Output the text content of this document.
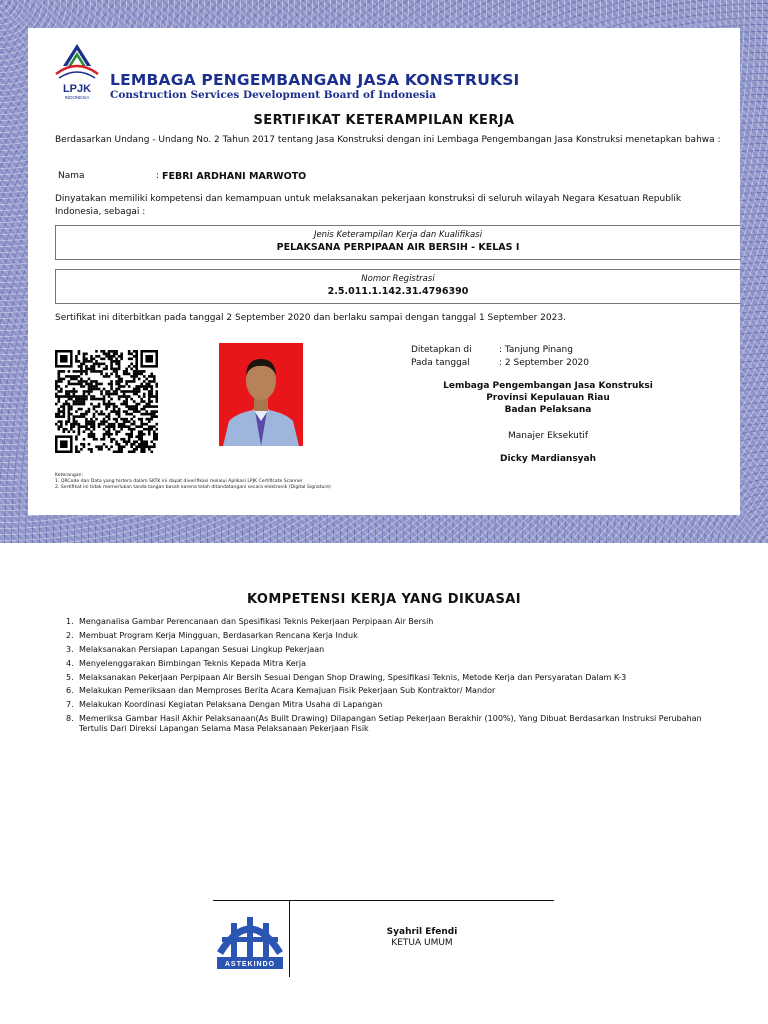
LPJK
INDONESIA
LEMBAGA PENGEMBANGAN JASA KONSTRUKSI
Construction Services Development Board of Indonesia
SERTIFIKAT KETERAMPILAN KERJA
Berdasarkan Undang - Undang No. 2 Tahun 2017 tentang Jasa Konstruksi dengan ini Lembaga Pengembangan Jasa Konstruksi menetapkan bahwa :
Nama	: FEBRI ARDHANI MARWOTO
Dinyatakan memiliki kompetensi dan kemampuan untuk melaksanakan pekerjaan konstruksi di seluruh wilayah Negara Kesatuan Republik Indonesia, sebagai :
Jenis Keterampilan Kerja dan Kualifikasi
PELAKSANA PERPIPAAN AIR BERSIH - KELAS I
Nomor Registrasi
2.5.011.1.142.31.4796390
Sertifikat ini diterbitkan pada tanggal 2 September 2020 dan berlaku sampai dengan tanggal 1 September 2023.
Ditetapkan di	: Tanjung Pinang
Pada tanggal	: 2 September 2020
Lembaga Pengembangan Jasa Konstruksi
Provinsi Kepulauan Riau
Badan Pelaksana
Manajer Eksekutif
Dicky Mardiansyah
Keterangan:
1. QRCode dan Data yang tertera dalam SKTK ini dapat diverifikasi melalui Aplikasi LPJK Certificate Scanner
2. Sertifikat ini tidak memerlukan tanda tangan basah karena telah ditandatangani secara elektronik (Digital Signature)
KOMPETENSI KERJA YANG DIKUASAI
1. Menganalisa Gambar Perencanaan dan Spesifikasi Teknis Pekerjaan Perpipaan Air Bersih
2. Membuat Program Kerja Mingguan, Berdasarkan Rencana Kerja Induk
3. Melaksanakan Persiapan Lapangan Sesuai Lingkup Pekerjaan
4. Menyelenggarakan Bimbingan Teknis Kepada Mitra Kerja
5. Melaksanakan Pekerjaan Perpipaan Air Bersih Sesuai Dengan Shop Drawing, Spesifikasi Teknis, Metode Kerja dan Persyaratan Dalam K-3
6. Melakukan Pemeriksaan dan Memproses Berita Acara Kemajuan Fisik Pekerjaan Sub Kontraktor/ Mandor
7. Melakukan Koordinasi Kegiatan Pelaksana Dengan Mitra Usaha di Lapangan
8. Memeriksa Gambar Hasil Akhir Pelaksanaan(As Built Drawing) Dilapangan Setiap Pekerjaan Berakhir (100%), Yang Dibuat Berdasarkan Instruksi Perubahan Tertulis Dari Direksi Lapangan Selama Masa Pelaksanaan Pekerjaan Fisik
ASTEKINDO
Syahril Efendi
KETUA UMUM
